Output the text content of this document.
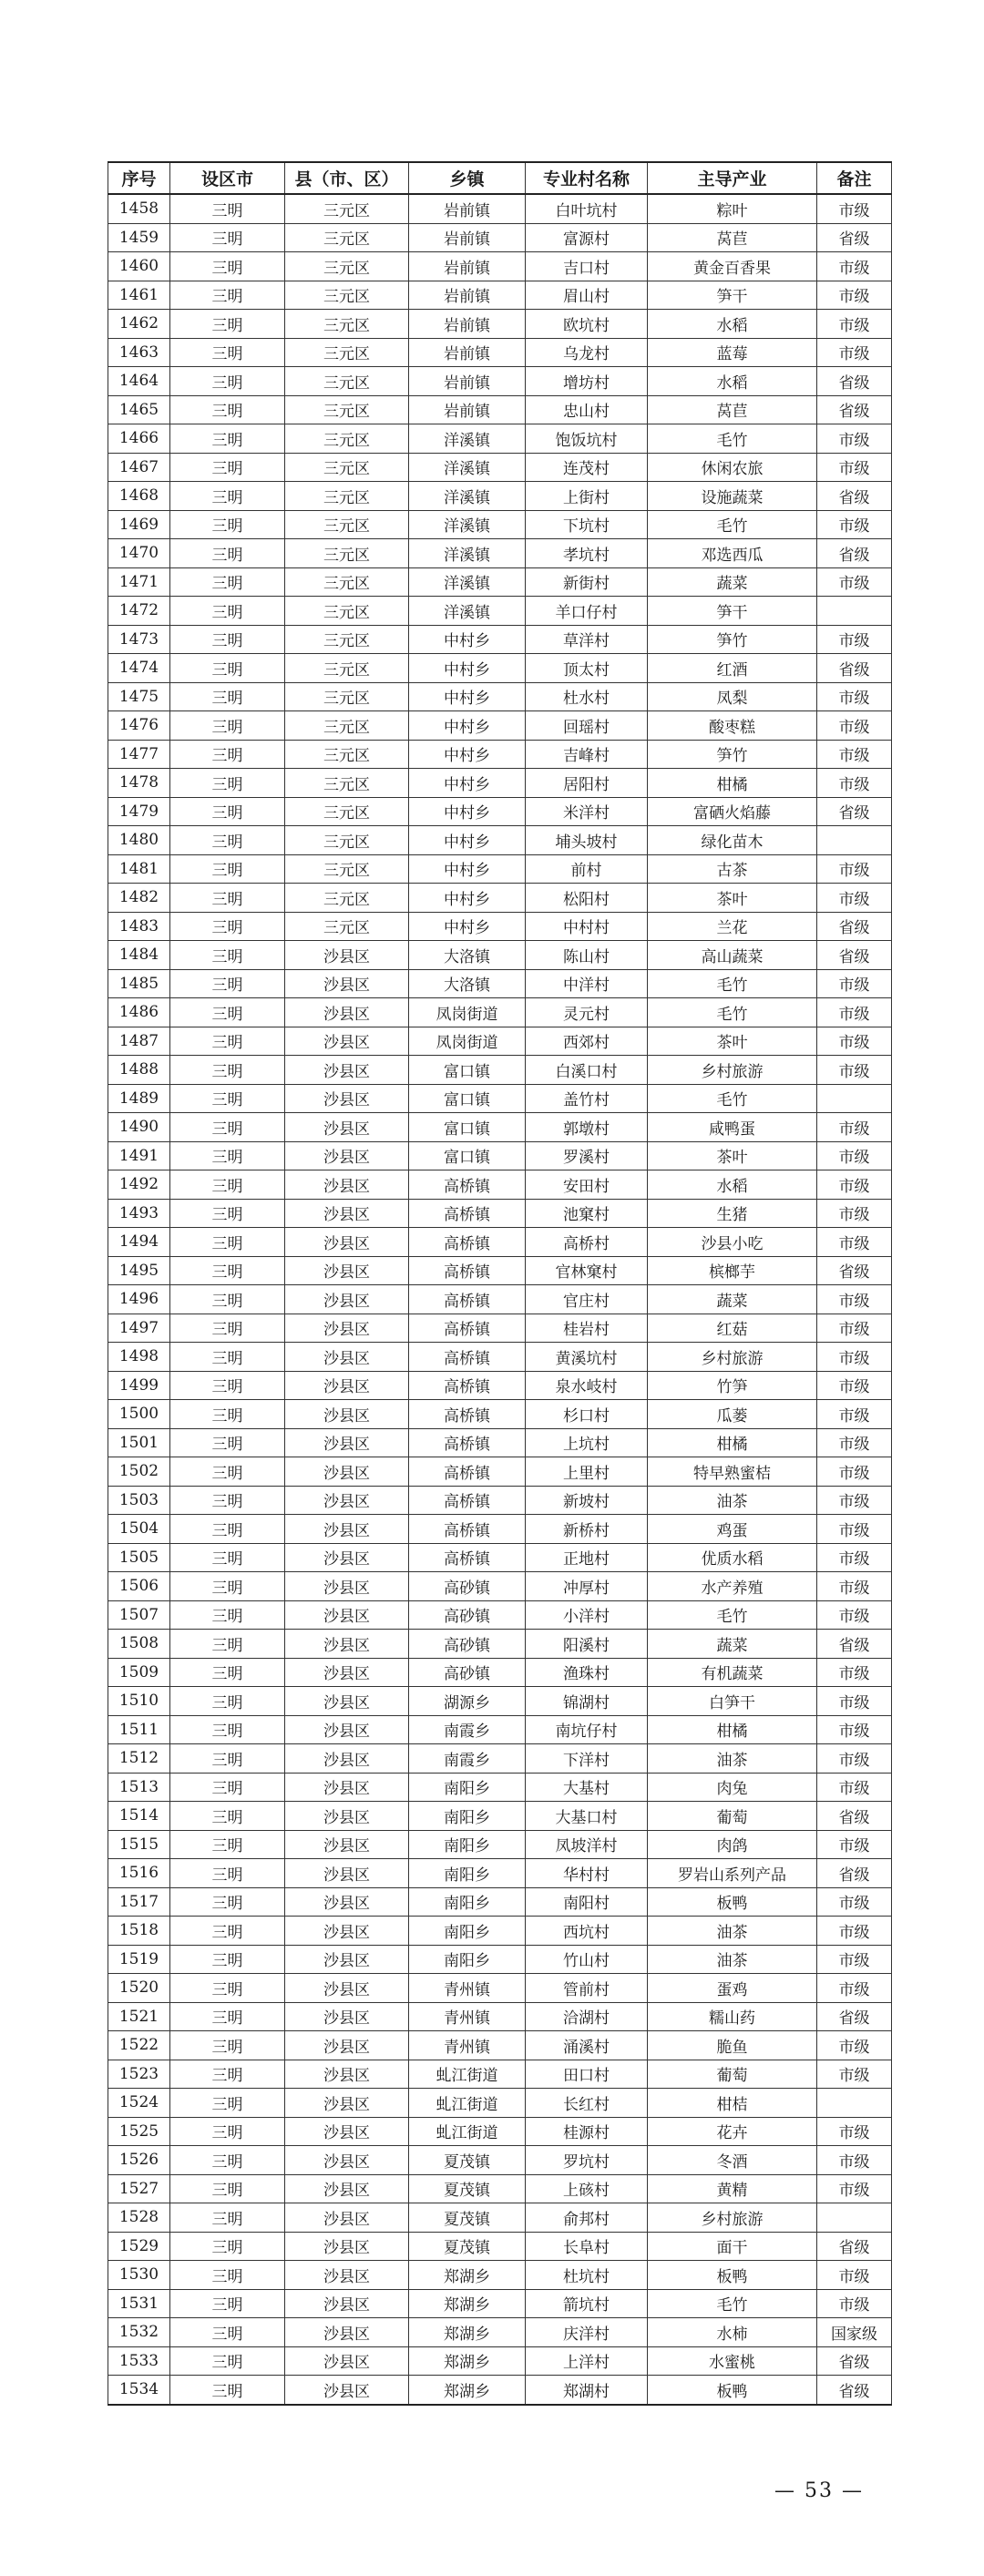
序号	设区市	县（市、区）	乡镇	专业村名称	主导产业	备注
1458	三明	三元区	岩前镇	白叶坑村	粽叶	市级
1459	三明	三元区	岩前镇	富源村	莴苣	省级
1460	三明	三元区	岩前镇	吉口村	黄金百香果	市级
1461	三明	三元区	岩前镇	眉山村	笋干	市级
1462	三明	三元区	岩前镇	欧坑村	水稻	市级
1463	三明	三元区	岩前镇	乌龙村	蓝莓	市级
1464	三明	三元区	岩前镇	增坊村	水稻	省级
1465	三明	三元区	岩前镇	忠山村	莴苣	省级
1466	三明	三元区	洋溪镇	饱饭坑村	毛竹	市级
1467	三明	三元区	洋溪镇	连茂村	休闲农旅	市级
1468	三明	三元区	洋溪镇	上街村	设施蔬菜	省级
1469	三明	三元区	洋溪镇	下坑村	毛竹	市级
1470	三明	三元区	洋溪镇	孝坑村	邓选西瓜	省级
1471	三明	三元区	洋溪镇	新街村	蔬菜	市级
1472	三明	三元区	洋溪镇	羊口仔村	笋干	
1473	三明	三元区	中村乡	草洋村	笋竹	市级
1474	三明	三元区	中村乡	顶太村	红酒	省级
1475	三明	三元区	中村乡	杜水村	凤梨	市级
1476	三明	三元区	中村乡	回瑶村	酸枣糕	市级
1477	三明	三元区	中村乡	吉峰村	笋竹	市级
1478	三明	三元区	中村乡	居阳村	柑橘	市级
1479	三明	三元区	中村乡	米洋村	富硒火焰藤	省级
1480	三明	三元区	中村乡	埔头坡村	绿化苗木	
1481	三明	三元区	中村乡	前村	古茶	市级
1482	三明	三元区	中村乡	松阳村	茶叶	市级
1483	三明	三元区	中村乡	中村村	兰花	省级
1484	三明	沙县区	大洛镇	陈山村	高山蔬菜	省级
1485	三明	沙县区	大洛镇	中洋村	毛竹	市级
1486	三明	沙县区	凤岗街道	灵元村	毛竹	市级
1487	三明	沙县区	凤岗街道	西郊村	茶叶	市级
1488	三明	沙县区	富口镇	白溪口村	乡村旅游	市级
1489	三明	沙县区	富口镇	盖竹村	毛竹	
1490	三明	沙县区	富口镇	郭墩村	咸鸭蛋	市级
1491	三明	沙县区	富口镇	罗溪村	茶叶	市级
1492	三明	沙县区	高桥镇	安田村	水稻	市级
1493	三明	沙县区	高桥镇	池窠村	生猪	市级
1494	三明	沙县区	高桥镇	高桥村	沙县小吃	市级
1495	三明	沙县区	高桥镇	官林窠村	槟榔芋	省级
1496	三明	沙县区	高桥镇	官庄村	蔬菜	市级
1497	三明	沙县区	高桥镇	桂岩村	红菇	市级
1498	三明	沙县区	高桥镇	黄溪坑村	乡村旅游	市级
1499	三明	沙县区	高桥镇	泉水岐村	竹笋	市级
1500	三明	沙县区	高桥镇	杉口村	瓜蒌	市级
1501	三明	沙县区	高桥镇	上坑村	柑橘	市级
1502	三明	沙县区	高桥镇	上里村	特早熟蜜桔	市级
1503	三明	沙县区	高桥镇	新坡村	油茶	市级
1504	三明	沙县区	高桥镇	新桥村	鸡蛋	市级
1505	三明	沙县区	高桥镇	正地村	优质水稻	市级
1506	三明	沙县区	高砂镇	冲厚村	水产养殖	市级
1507	三明	沙县区	高砂镇	小洋村	毛竹	市级
1508	三明	沙县区	高砂镇	阳溪村	蔬菜	省级
1509	三明	沙县区	高砂镇	渔珠村	有机蔬菜	市级
1510	三明	沙县区	湖源乡	锦湖村	白笋干	市级
1511	三明	沙县区	南霞乡	南坑仔村	柑橘	市级
1512	三明	沙县区	南霞乡	下洋村	油茶	市级
1513	三明	沙县区	南阳乡	大基村	肉兔	市级
1514	三明	沙县区	南阳乡	大基口村	葡萄	省级
1515	三明	沙县区	南阳乡	凤坡洋村	肉鸽	市级
1516	三明	沙县区	南阳乡	华村村	罗岩山系列产品	省级
1517	三明	沙县区	南阳乡	南阳村	板鸭	市级
1518	三明	沙县区	南阳乡	西坑村	油茶	市级
1519	三明	沙县区	南阳乡	竹山村	油茶	市级
1520	三明	沙县区	青州镇	管前村	蛋鸡	市级
1521	三明	沙县区	青州镇	洽湖村	糯山药	省级
1522	三明	沙县区	青州镇	涌溪村	脆鱼	市级
1523	三明	沙县区	虬江街道	田口村	葡萄	市级
1524	三明	沙县区	虬江街道	长红村	柑桔	
1525	三明	沙县区	虬江街道	桂源村	花卉	市级
1526	三明	沙县区	夏茂镇	罗坑村	冬酒	市级
1527	三明	沙县区	夏茂镇	上硋村	黄精	市级
1528	三明	沙县区	夏茂镇	俞邦村	乡村旅游	
1529	三明	沙县区	夏茂镇	长阜村	面干	省级
1530	三明	沙县区	郑湖乡	杜坑村	板鸭	市级
1531	三明	沙县区	郑湖乡	箭坑村	毛竹	市级
1532	三明	沙县区	郑湖乡	庆洋村	水柿	国家级
1533	三明	沙县区	郑湖乡	上洋村	水蜜桃	省级
1534	三明	沙县区	郑湖乡	郑湖村	板鸭	省级
— 53 —
